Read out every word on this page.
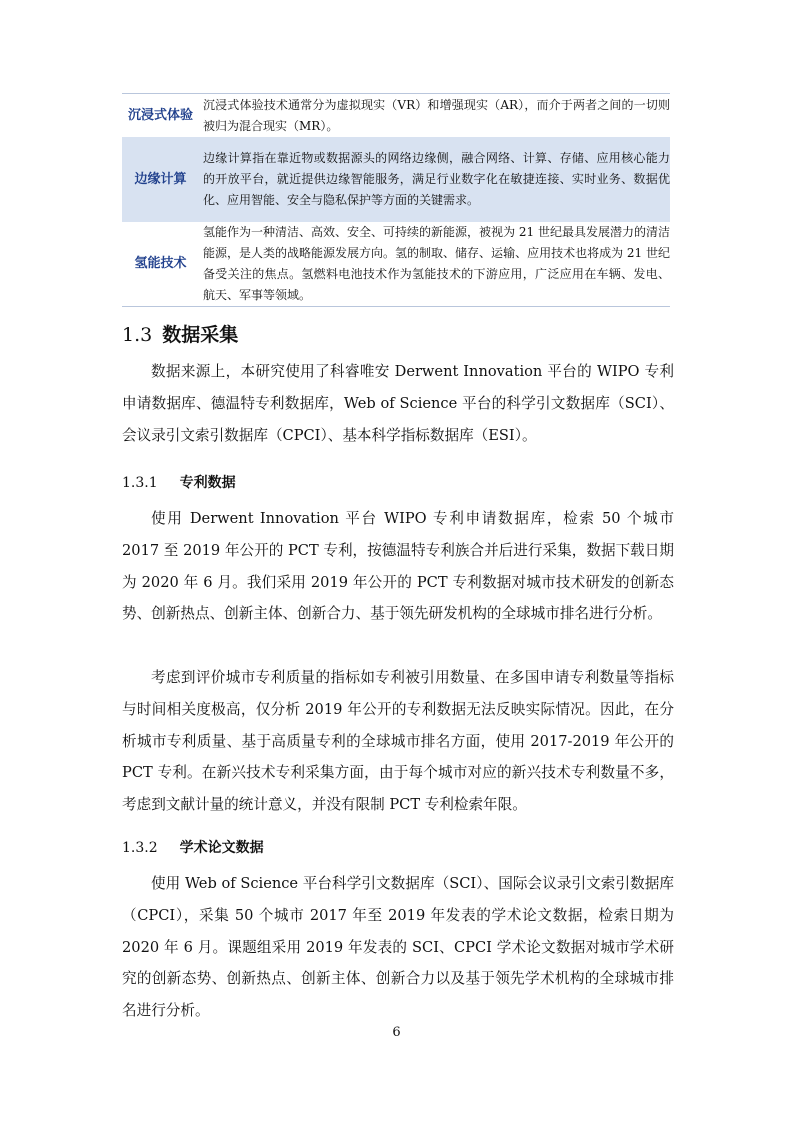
沉浸式体验	沉浸式体验技术通常分为虚拟现实（VR）和增强现实（AR），而介于两者之间的一切则被归为混合现实（MR）。
边缘计算	边缘计算指在靠近物或数据源头的网络边缘侧，融合网络、计算、存储、应用核心能力的开放平台，就近提供边缘智能服务，满足行业数字化在敏捷连接、实时业务、数据优化、应用智能、安全与隐私保护等方面的关键需求。
氢能技术	氢能作为一种清洁、高效、安全、可持续的新能源，被视为 21 世纪最具发展潜力的清洁能源，是人类的战略能源发展方向。氢的制取、储存、运输、应用技术也将成为 21 世纪备受关注的焦点。氢燃料电池技术作为氢能技术的下游应用，广泛应用在车辆、发电、航天、军事等领域。
1.3 数据采集

数据来源上，本研究使用了科睿唯安 Derwent Innovation 平台的 WIPO 专利申请数据库、德温特专利数据库，Web of Science 平台的科学引文数据库（SCI）、会议录引文索引数据库（CPCI）、基本科学指标数据库（ESI）。

1.3.1 专利数据

使用 Derwent Innovation 平台 WIPO 专利申请数据库，检索 50 个城市 2017 至 2019 年公开的 PCT 专利，按德温特专利族合并后进行采集，数据下载日期为 2020 年 6 月。我们采用 2019 年公开的 PCT 专利数据对城市技术研发的创新态势、创新热点、创新主体、创新合力、基于领先研发机构的全球城市排名进行分析。

考虑到评价城市专利质量的指标如专利被引用数量、在多国申请专利数量等指标与时间相关度极高，仅分析 2019 年公开的专利数据无法反映实际情况。因此，在分析城市专利质量、基于高质量专利的全球城市排名方面，使用 2017-2019 年公开的 PCT 专利。在新兴技术专利采集方面，由于每个城市对应的新兴技术专利数量不多，考虑到文献计量的统计意义，并没有限制 PCT 专利检索年限。

1.3.2 学术论文数据

使用 Web of Science 平台科学引文数据库（SCI）、国际会议录引文索引数据库（CPCI），采集 50 个城市 2017 年至 2019 年发表的学术论文数据，检索日期为 2020 年 6 月。课题组采用 2019 年发表的 SCI、CPCI 学术论文数据对城市学术研究的创新态势、创新热点、创新主体、创新合力以及基于领先学术机构的全球城市排名进行分析。

6
